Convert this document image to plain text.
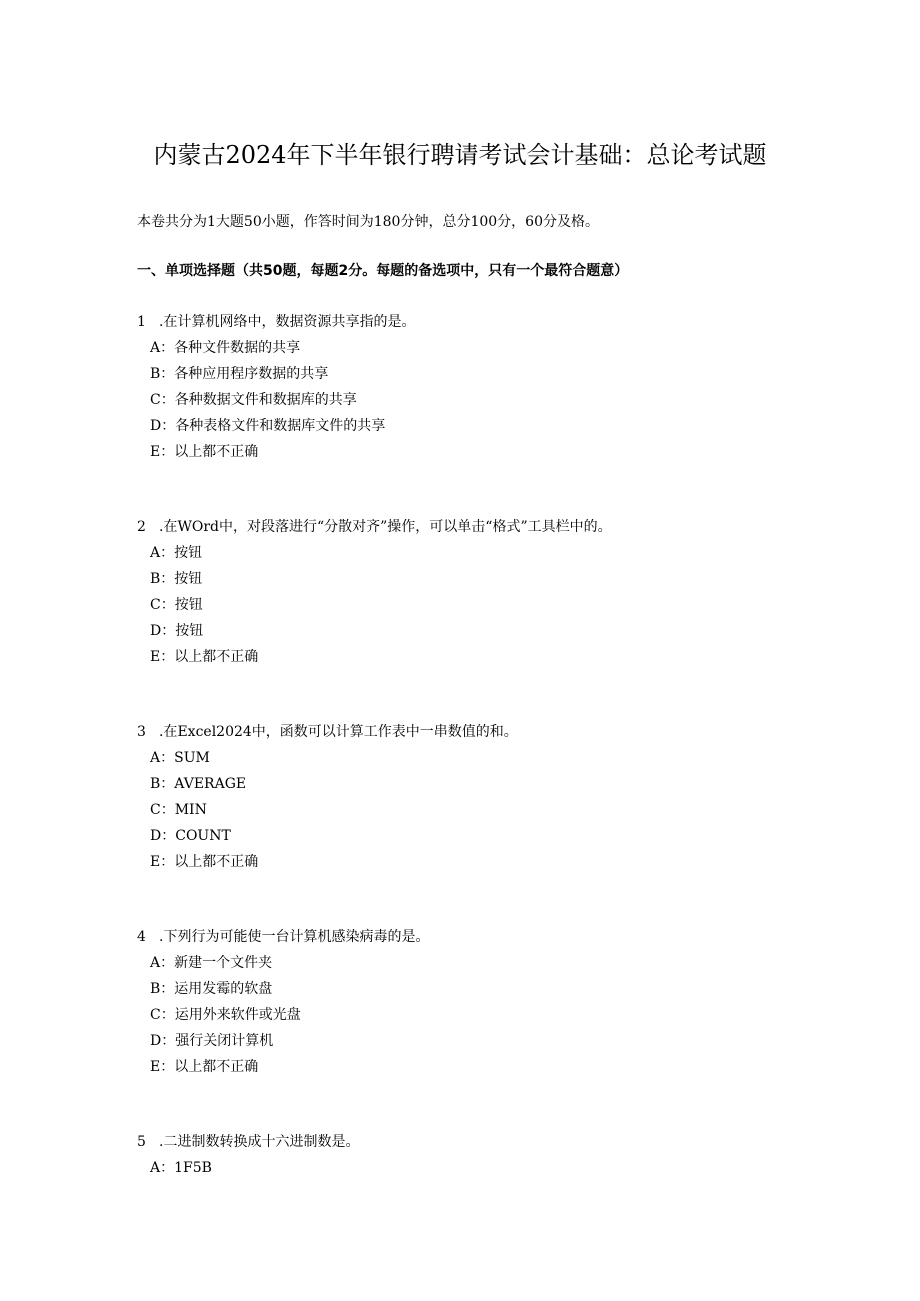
内蒙古2024年下半年银行聘请考试会计基础：总论考试题
本卷共分为1大题50小题，作答时间为180分钟，总分100分，60分及格。
一、单项选择题（共50题，每题2分。每题的备选项中，只有一个最符合题意）
1 .在计算机网络中，数据资源共享指的是。
A：各种文件数据的共享
B：各种应用程序数据的共享
C：各种数据文件和数据库的共享
D：各种表格文件和数据库文件的共享
E：以上都不正确
2 .在WOrd中，对段落进行“分散对齐”操作，可以单击“格式”工具栏中的。
A：按钮
B：按钮
C：按钮
D：按钮
E：以上都不正确
3 .在Excel2024中，函数可以计算工作表中一串数值的和。
A：SUM
B：AVERAGE
C：MIN
D：COUNT
E：以上都不正确
4 .下列行为可能使一台计算机感染病毒的是。
A：新建一个文件夹
B：运用发霉的软盘
C：运用外来软件或光盘
D：强行关闭计算机
E：以上都不正确
5 .二进制数转换成十六进制数是。
A：1F5B
